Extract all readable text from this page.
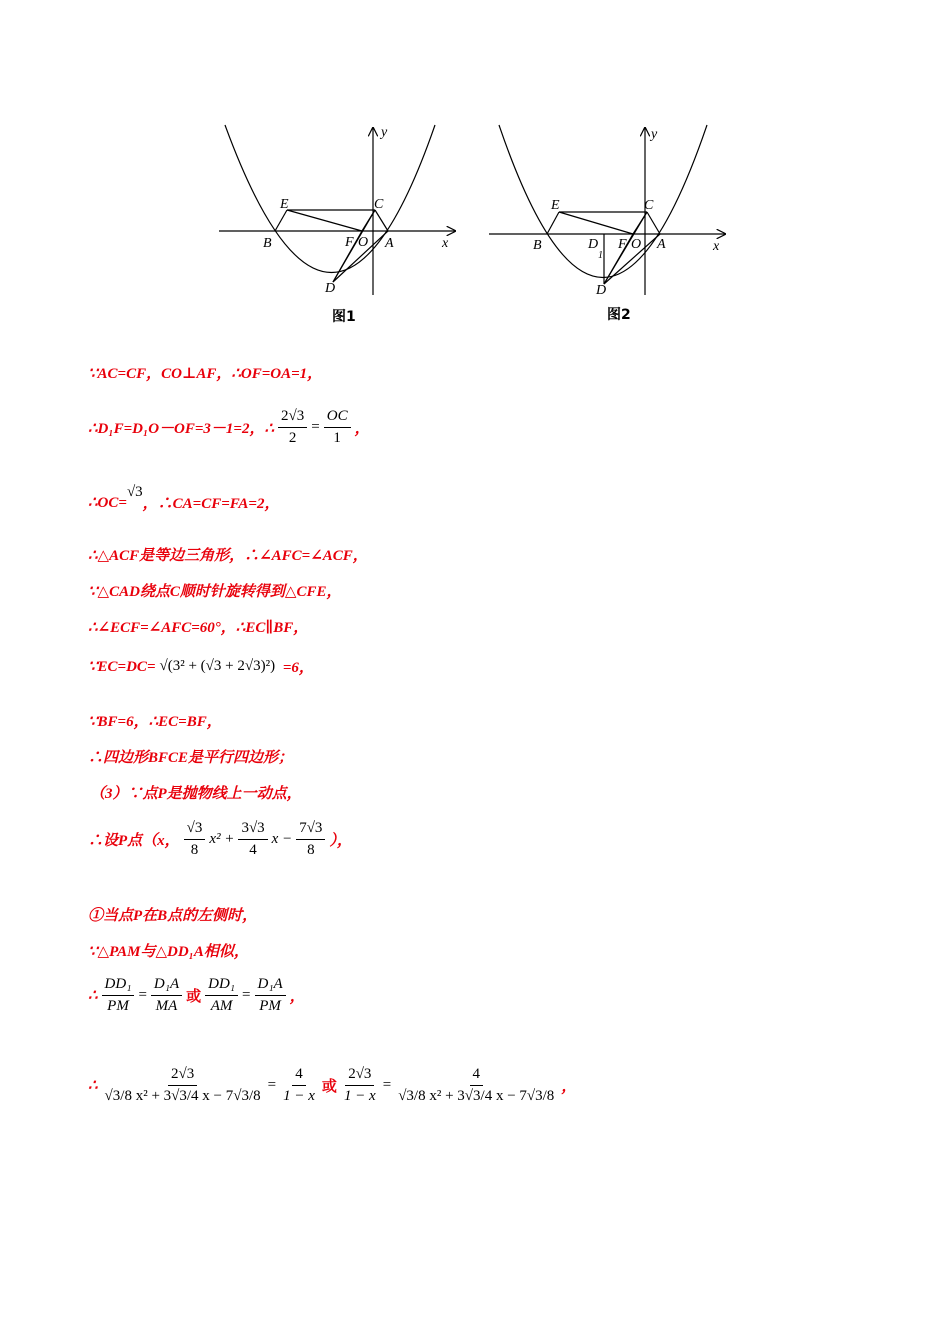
y
x
E	C
B	F O A
D
图1
y
x
E	C
B	D
1
F O A
D
图2
∵AC=CF，CO⊥AF，∴OF=OA=1，
∴D₁F=D₁O－OF=3－1=2，∴ $\frac{2√3}{2} = \frac{OC}{1}$ ，
∴OC=
√3
，∴CA=CF=FA=2，
∴△ACF是等边三角形，∴∠AFC=∠ACF，
∵△CAD绕点C顺时针旋转得到△CFE，
∴∠ECF=∠AFC=60°，∴EC∥BF，
∵EC=DC= √(3² + (√3 + 2√3)²) =6，
∵BF=6，∴EC=BF，
∴四边形BFCE是平行四边形；
（3）∵点P是抛物线上一动点，
∴设P点（x， $\frac{√3}{8} x^2 + \frac{3√3}{4}$ $x - \frac{7√3}{8}$ ），
①当点P在B点的左侧时，
∵△PAM与△DD₁A相似，
∴ $\frac{\text{DD₁}}{PM} = \frac{\text{D₁A}}{MA}$ 或 $\frac{\text{DD₁}}{AM} = \frac{\text{D₁A}}{PM}$ ，
∴ $\frac{2√3}{\text{√3/8 x² + 3√3/4 x − 7√3/8}} = \frac{4}{1 - x}$ 或 $\frac{2√3}{1 - x} = \frac{4}{\text{√3/8 x² + 3√3/4 x − 7√3/8}}$ ，
